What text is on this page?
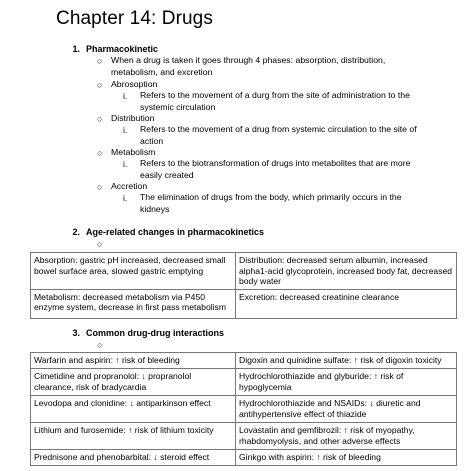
Chapter 14: Drugs
1. Pharmacokinetic
○ When a drug is taken it goes through 4 phases: absorption, distribution,
metabolism, and excretion
○ Abrosoption
i. Refers to the movement of a durg from the site of administration to the
systemic circulation
○ Distribution
i. Refers to the movement of a drug from systemic circulation to the site of
action
○ Metabolism
i. Refers to the biotransformation of drugs into metabolites that are more
easily created
○ Accretion
i. The elimination of drugs from the body, which primarily occurs in the
kidneys
2. Age-related changes in pharmacokinetics
○
Absorption: gastric pH increased, decreased small bowel surface area, slowed gastric emptying	Distribution: decreased serum albumin, increased alpha1-acid glycoprotein, increased body fat, decreased body water
Metabolism: decreased metabolism via P450 enzyme system, decrease in first pass metabolism	Excretion: decreased creatinine clearance
3. Common drug-drug interactions
○
Warfarin and aspirin: ↑ risk of bleeding	Digoxin and quinidine sulfate: ↑ risk of digoxin toxicity
Cimetidine and propranolol: ↓ propranolol clearance, risk of bradycardia	Hydrochlorothiazide and glyburide: ↑ risk of hypoglycemia
Levodopa and clonidine: ↓ antiparkinson effect	Hydrochlorothiazide and NSAIDs: ↓ diuretic and antihypertensive effect of thiazide
Lithium and furosemide: ↑ risk of lithium toxicity	Lovastatin and gemfibrozil: ↑ risk of myopathy, rhabdomyolysis, and other adverse effects
Prednisone and phenobarbital: ↓ steroid effect	Ginkgo with aspirin: ↑ risk of bleeding
